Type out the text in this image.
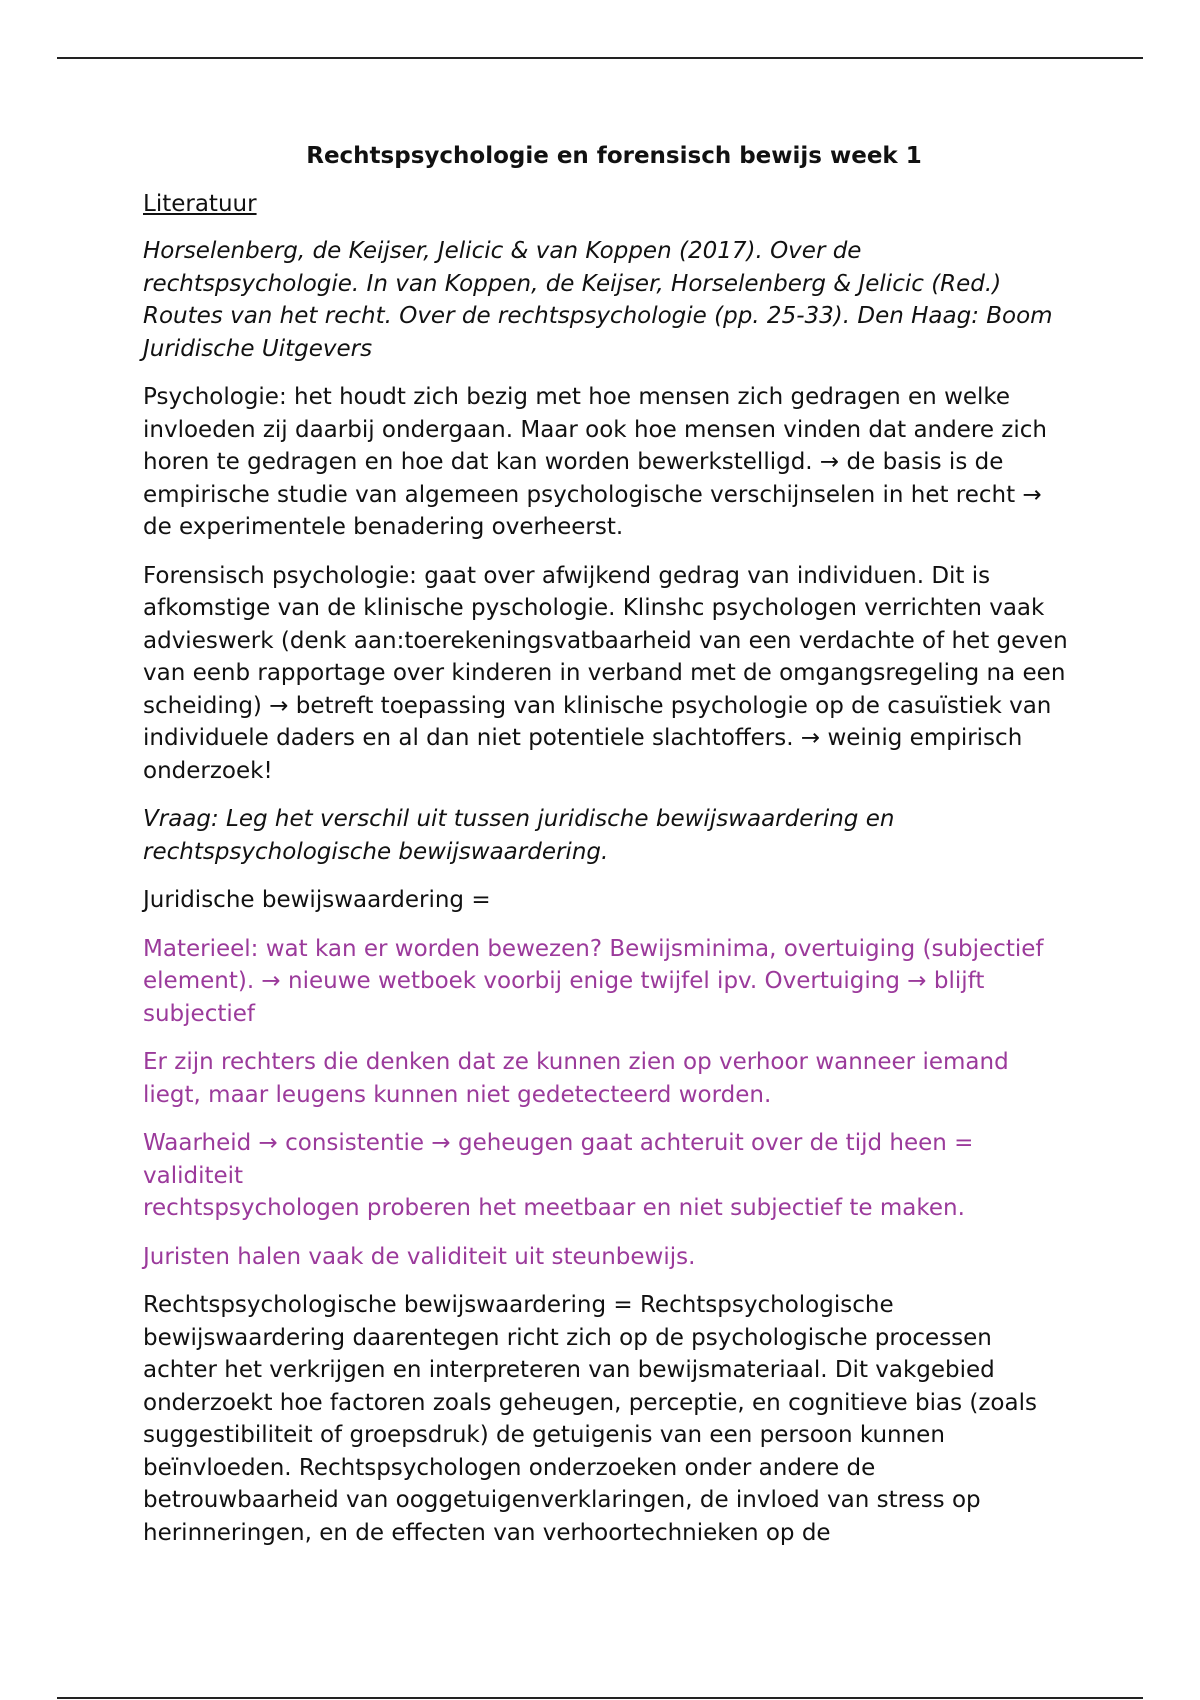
Rechtspsychologie en forensisch bewijs week 1
Literatuur

Horselenberg, de Keijser, Jelicic & van Koppen (2017). Over de rechtspsychologie. In van Koppen, de Keijser, Horselenberg & Jelicic (Red.) Routes van het recht. Over de rechtspsychologie (pp. 25-33). Den Haag: Boom Juridische Uitgevers

Psychologie: het houdt zich bezig met hoe mensen zich gedragen en welke invloeden zij daarbij ondergaan. Maar ook hoe mensen vinden dat andere zich horen te gedragen en hoe dat kan worden bewerkstelligd. → de basis is de empirische studie van algemeen psychologische verschijnselen in het recht → de experimentele benadering overheerst.

Forensisch psychologie: gaat over afwijkend gedrag van individuen. Dit is afkomstige van de klinische pyschologie. Klinshc psychologen verrichten vaak advieswerk (denk aan:toerekeningsvatbaarheid van een verdachte of het geven van eenb rapportage over kinderen in verband met de omgangsregeling na een scheiding) → betreft toepassing van klinische psychologie op de casuïstiek van individuele daders en al dan niet potentiele slachtoffers. → weinig empirisch onderzoek!

Vraag: Leg het verschil uit tussen juridische bewijswaardering en rechtspsychologische bewijswaardering.

Juridische bewijswaardering =

Materieel: wat kan er worden bewezen? Bewijsminima, overtuiging (subjectief element). → nieuwe wetboek voorbij enige twijfel ipv. Overtuiging → blijft subjectief

Er zijn rechters die denken dat ze kunnen zien op verhoor wanneer iemand liegt, maar leugens kunnen niet gedetecteerd worden.

Waarheid → consistentie → geheugen gaat achteruit over de tijd heen = validiteit
rechtspsychologen proberen het meetbaar en niet subjectief te maken.

Juristen halen vaak de validiteit uit steunbewijs.

Rechtspsychologische bewijswaardering = Rechtspsychologische bewijswaardering daarentegen richt zich op de psychologische processen achter het verkrijgen en interpreteren van bewijsmateriaal. Dit vakgebied onderzoekt hoe factoren zoals geheugen, perceptie, en cognitieve bias (zoals suggestibiliteit of groepsdruk) de getuigenis van een persoon kunnen beïnvloeden. Rechtspsychologen onderzoeken onder andere de betrouwbaarheid van ooggetuigenverklaringen, de invloed van stress op herinneringen, en de effecten van verhoortechnieken op de
